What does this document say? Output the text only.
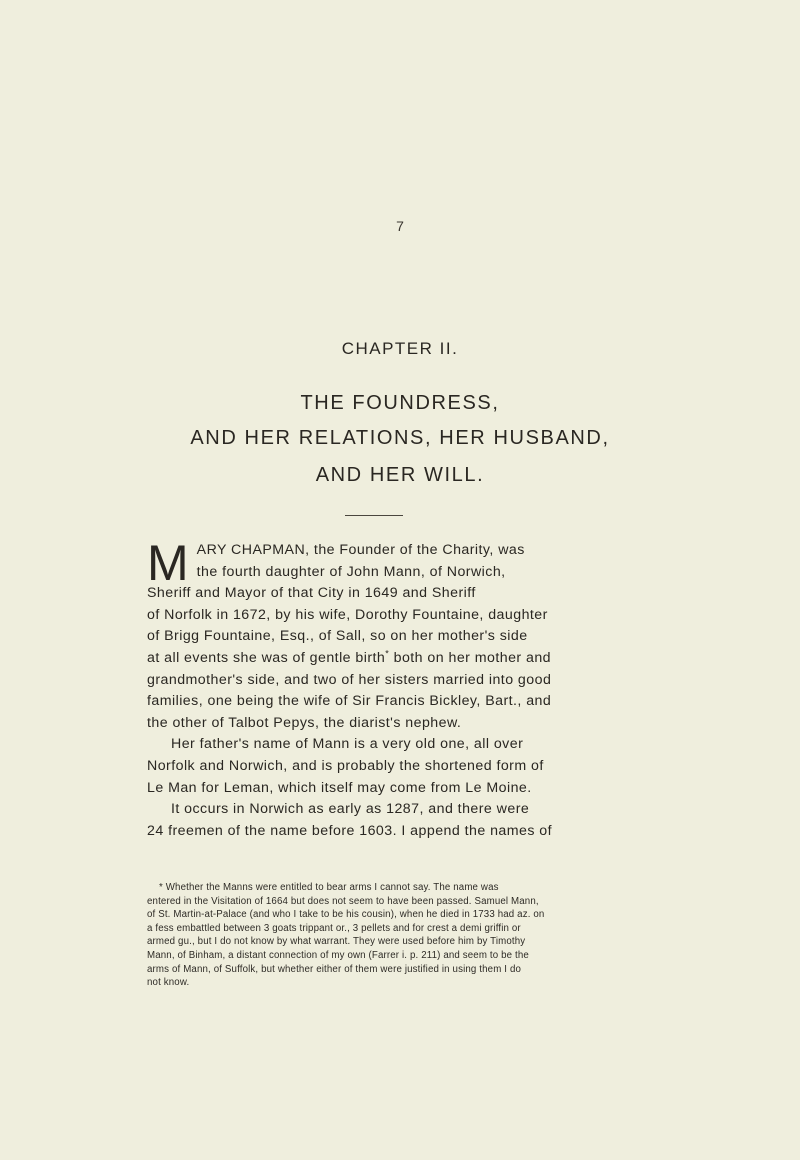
7
CHAPTER II.
THE FOUNDRESS,
AND HER RELATIONS, HER HUSBAND,
AND HER WILL.
M ARY CHAPMAN, the Founder of the Charity, was
the fourth daughter of John Mann, of Norwich,
Sheriff and Mayor of that City in 1649 and Sheriff
of Norfolk in 1672, by his wife, Dorothy Fountaine, daughter
of Brigg Fountaine, Esq., of Sall, so on her mother's side
at all events she was of gentle birth* both on her mother and
grandmother's side, and two of her sisters married into good
families, one being the wife of Sir Francis Bickley, Bart., and
the other of Talbot Pepys, the diarist's nephew.
Her father's name of Mann is a very old one, all over
Norfolk and Norwich, and is probably the shortened form of
Le Man for Leman, which itself may come from Le Moine.
It occurs in Norwich as early as 1287, and there were
24 freemen of the name before 1603. I append the names of
* Whether the Manns were entitled to bear arms I cannot say. The name was
entered in the Visitation of 1664 but does not seem to have been passed. Samuel Mann,
of St. Martin-at-Palace (and who I take to be his cousin), when he died in 1733 had az. on
a fess embattled between 3 goats trippant or., 3 pellets and for crest a demi griffin or
armed gu., but I do not know by what warrant. They were used before him by Timothy
Mann, of Binham, a distant connection of my own (Farrer i. p. 211) and seem to be the
arms of Mann, of Suffolk, but whether either of them were justified in using them I do
not know.
